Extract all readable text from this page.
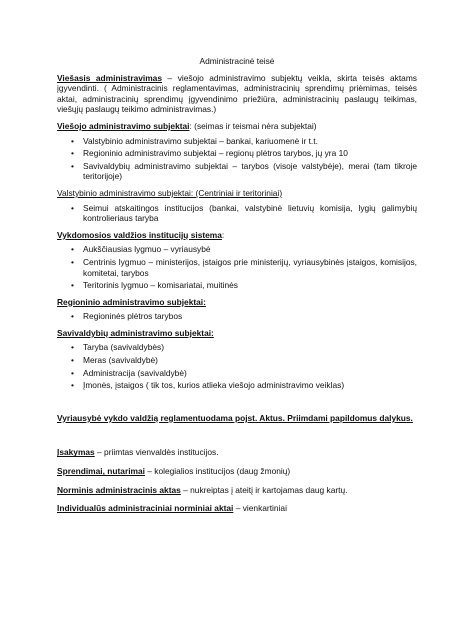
Administracinė teisė

Viešasis administravimas – viešojo administravimo subjektų veikla, skirta teisės aktams įgyvendinti. ( Administracinis reglamentavimas, administracinių sprendimų priėmimas, teisės aktai, administracinių sprendimų įgyvendinimo priežiūra, administracinių paslaugų teikimas, viešųjų paslaugų teikimo administravimas.)

Viešojo administravimo subjektai: (seimas ir teismai nėra subjektai)
• Valstybinio administravimo subjektai – bankai, kariuomenė ir t.t.
• Regioninio administravimo subjektai – regionų plėtros tarybos, jų yra 10
• Savivaldybių administravimo subjektai – tarybos (visoje valstybėje), merai (tam tikroje teritorijoje)
Valstybinio administravimo subjektai: (Centriniai ir teritoriniai)
• Seimui atskaitingos institucijos (bankai, valstybinė lietuvių komisija, lygių galimybių kontrolieriaus taryba
Vykdomosios valdžios institucijų sistema:
• Aukščiausias lygmuo – vyriausybė
• Centrinis lygmuo – ministerijos, įstaigos prie ministerijų, vyriausybinės įstaigos, komisijos, komitetai, tarybos
• Teritorinis lygmuo – komisariatai, muitinės
Regioninio administravimo subjektai:
• Regioninės plėtros tarybos
Savivaldybių administravimo subjektai:
• Taryba (savivaldybės)
• Meras (savivaldybė)
• Administracija (savivaldybė)
• Įmonės, įstaigos ( tik tos, kurios atlieka viešojo administravimo veiklas)
Vyriausybė vykdo valdžią reglamentuodama pojst. Aktus. Priimdami papildomus dalykus.
Įsakymas – priimtas vienvaldės institucijos.
Sprendimai, nutarimai – kolegialios institucijos (daug žmonių)
Norminis administracinis aktas – nukreiptas į ateitį ir kartojamas daug kartų.
Individualūs administraciniai norminiai aktai – vienkartiniai
